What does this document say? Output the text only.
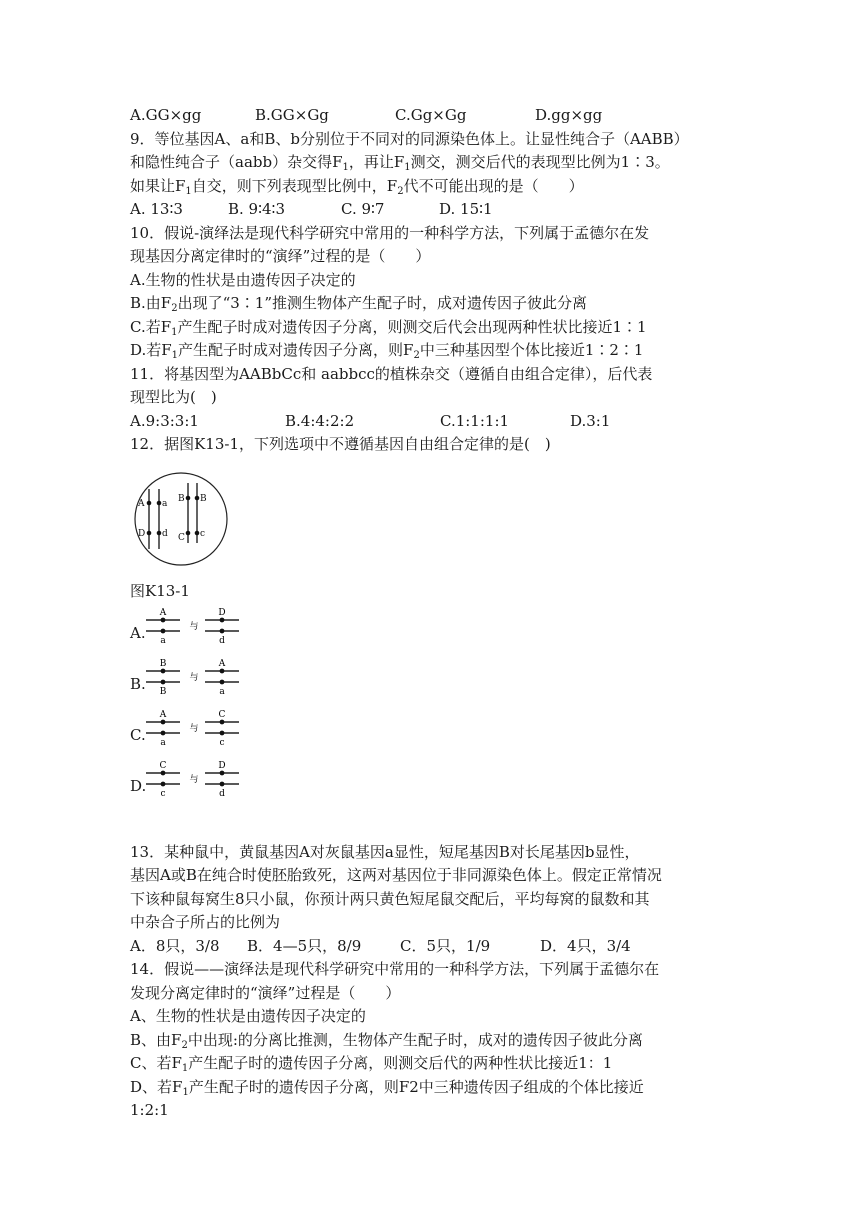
A.GG×gg	B.GG×Gg	C.Gg×Gg	D.gg×gg
9．等位基因A、a和B、b分别位于不同对的同源染色体上。让显性纯合子（AABB）
和隐性纯合子（aabb）杂交得$F_1$，再让$F_1$测交，测交后代的表现型比例为1∶3。
如果让$F_1$自交，则下列表现型比例中，$F_2$代不可能出现的是（　　）
A. 13∶3	B. 9∶4∶3	C. 9∶7	D. 15∶1
10．假说-演绎法是现代科学研究中常用的一种科学方法，下列属于孟德尔在发
现基因分离定律时的“演绎”过程的是（　　）
A.生物的性状是由遗传因子决定的
B.由$F_2$出现了“3∶1”推测生物体产生配子时，成对遗传因子彼此分离
C.若$F_1$产生配子时成对遗传因子分离，则测交后代会出现两种性状比接近1∶1
D.若$F_1$产生配子时成对遗传因子分离，则$F_2$中三种基因型个体比接近1∶2∶1
11．将基因型为AABbCc和 aabbcc的植株杂交（遵循自由组合定律），后代表
现型比为(　)
A.9:3:3:1	B.4:4:2:2	C.1:1:1:1	D.3:1
12．据图K13-1，下列选项中不遵循基因自由组合定律的是(　)
A a B B
D d C c
图K13-1
A.
A
a
与
D
d
B.
B
B
与
A
a
C.
A
a
与
C
c
D.
C
c
与
D
d
13．某种鼠中，黄鼠基因A对灰鼠基因a显性，短尾基因B对长尾基因b显性，
基因A或B在纯合时使胚胎致死，这两对基因位于非同源染色体上。假定正常情况
下该种鼠每窝生8只小鼠，你预计两只黄色短尾鼠交配后，平均每窝的鼠数和其
中杂合子所占的比例为
A．8只，3/8	B．4—5只，8/9	C．5只，1/9	D．4只，3/4
14．假说——演绎法是现代科学研究中常用的一种科学方法，下列属于孟德尔在
发现分离定律时的“演绎”过程是（　　）
A、生物的性状是由遗传因子决定的
B、由$F_2$中出现:的分离比推测，生物体产生配子时，成对的遗传因子彼此分离
C、若$F_1$产生配子时的遗传因子分离，则测交后代的两种性状比接近1：1
D、若$F_1$产生配子时的遗传因子分离，则F2中三种遗传因子组成的个体比接近
1:2:1
